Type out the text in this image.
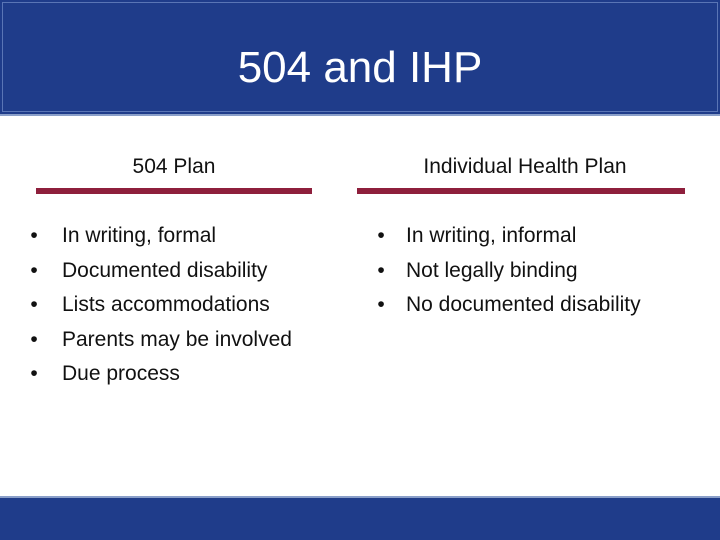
504 and IHP
504 Plan	Individual Health Plan
•	In writing, formal
•	Documented disability
•	Lists accommodations
•	Parents may be involved
•	Due process
•	In writing, informal
•	Not legally binding
•	No documented disability
